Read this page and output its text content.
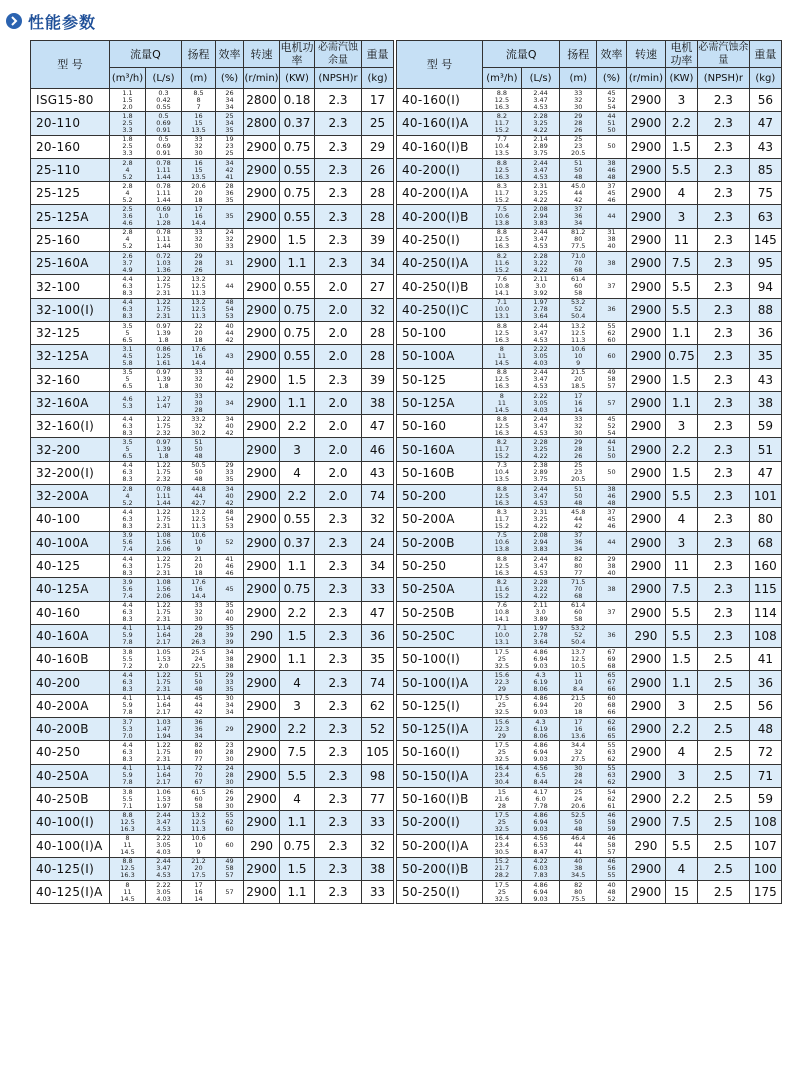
性能参数
型 号	流量Q		扬程	效率	转速	电机功率	必需汽蚀余量	重量
	(m³/h)	(L/s)	(m)	(%)	(r/min)	(KW)	(NPSH)r	(kg)
ISG15-80	1.1
1.5
2.0	0.3
0.42
0.55	8.5
8
7	26
34
34	2800	0.18	2.3	17
20-110	1.8
2.5
3.3	0.5
0.69
0.91	16
15
13.5	25
34
35	2800	0.37	2.3	25
20-160	1.8
2.5
3.3	0.5
0.69
0.91	33
32
30	19
23
25	2900	0.75	2.3	29
25-110	2.8
4
5.2	0.78
1.11
1.44	16
15
13.5	34
42
41	2900	0.55	2.3	26
25-125	2.8
4
5.2	0.78
1.11
1.44	20.6
20
18	28
36
35	2900	0.75	2.3	28
25-125A	2.5
3.6
4.6	0.69
1.0
1.28	17
16
14.4	35	2900	0.55	2.3	28
25-160	2.8
4
5.2	0.78
1.11
1.44	33
32
30	24
32
33	2900	1.5	2.3	39
25-160A	2.6
3.7
4.9	0.72
1.03
1.36	29
28
26	31	2900	1.1	2.3	34
32-100	4.4
6.3
8.3	1.22
1.75
2.31	13.2
12.5
11.3	44	2900	0.55	2.0	27
32-100(I)	4.4
6.3
8.3	1.22
1.75
2.31	13.2
12.5
11.3	48
54
53	2900	0.75	2.0	32
32-125	3.5
5
6.5	0.97
1.39
1.8	22
20
18	40
44
42	2900	0.75	2.0	28
32-125A	3.1
4.5
5.8	0.86
1.25
1.61	17.6
16
14.4	43	2900	0.55	2.0	28
32-160	3.5
5
6.5	0.97
1.39
1.8	33
32
30	40
44
42	2900	1.5	2.3	39
32-160A	4.6
5.3	1.27
1.47	33
30
28	34	2900	1.1	2.0	38
32-160(I)	4.4
6.3
8.3	1.22
1.75
2.32	33.2
32
30.2	34
40
42	2900	2.2	2.0	47
32-200	3.5
5
6.5	0.97
1.39
1.8	51
50
48		2900	3	2.0	46
32-200(I)	4.4
6.3
8.3	1.22
1.75
2.32	50.5
50
48	29
33
35	2900	4	2.0	43
32-200A	2.8
4
5.2	0.78
1.11
1.44	44.8
44
42.7	34
40
42	2900	2.2	2.0	74
40-100	4.4
6.3
8.3	1.22
1.75
2.31	13.2
12.5
11.3	48
54
53	2900	0.55	2.3	32
40-100A	3.9
5.6
7.4	1.08
1.56
2.06	10.6
10
9	52	2900	0.37	2.3	24
40-125	4.4
6.3
8.3	1.22
1.75
2.31	21
20
18	41
46
46	2900	1.1	2.3	34
40-125A	3.9
5.6
7.4	1.08
1.56
2.06	17.6
16
14.4	45	2900	0.75	2.3	33
40-160	4.4
6.3
8.3	1.22
1.75
2.31	33
32
30	35
40
40	2900	2.2	2.3	47
40-160A	4.1
5.9
7.8	1.14
1.64
2.17	29
28
26.3	35
39
39	290	1.5	2.3	36
40-160B	3.8
5.5
7.2	1.05
1.53
2.0	25.5
24
22.5	34
38
38	2900	1.1	2.3	35
40-200	4.4
6.3
8.3	1.22
1.75
2.31	51
50
48	29
33
35	2900	4	2.3	74
40-200A	4.1
5.9
7.8	1.14
1.64
2.17	45
44
42	30
34
34	2900	3	2.3	62
40-200B	3.7
5.3
7.0	1.03
1.47
1.94	36
36
34	29	2900	2.2	2.3	52
40-250	4.4
6.3
8.3	1.22
1.75
2.31	82
80
77	23
28
30	2900	7.5	2.3	105
40-250A	4.1
5.9
7.8	1.14
1.64
2.17	72
70
67	24
28
30	2900	5.5	2.3	98
40-250B	3.8
5.5
7.1	1.06
1.53
1.97	61.5
60
58	26
29
30	2900	4	2.3	77
40-100(I)	8.8
12.5
16.3	2.44
3.47
4.53	13.2
12.5
11.3	55
62
60	2900	1.1	2.3	33
40-100(I)A	8
11
14.5	2.22
3.05
4.03	10.6
10
9	60	290	0.75	2.3	32
40-125(I)	8.8
12.5
16.3	2.44
3.47
4.53	21.2
20
17.5	49
58
57	2900	1.5	2.3	38
40-125(I)A	8
11
14.5	2.22
3.05
4.03	17
16
14	57	2900	1.1	2.3	33
型 号	流量Q		扬程	效率	转速	电机功率	必需汽蚀余量	重量
	(m³/h)	(L/s)	(m)	(%)	(r/min)	(KW)	(NPSH)r	(kg)
40-160(I)	8.8
12.5
16.3	2.44
3.47
4.53	33
32
30	45
52
54	2900	3	2.3	56
40-160(I)A	8.2
11.7
15.2	2.28
3.25
4.22	29
28
26	44
51
50	2900	2.2	2.3	47
40-160(I)B	7.7
10.4
13.5	2.14
2.89
3.75	25
23
20.5	50	2900	1.5	2.3	43
40-200(I)	8.8
12.5
16.3	2.44
3.47
4.53	51
50
48	38
46
48	2900	5.5	2.3	85
40-200(I)A	8.3
11.7
15.2	2.31
3.25
4.22	45.0
44
42	37
45
46	2900	4	2.3	75
40-200(I)B	7.5
10.6
13.8	2.08
2.94
3.83	37
36
34	44	2900	3	2.3	63
40-250(I)	8.8
12.5
16.3	2.44
3.47
4.53	81.2
80
77.5	31
38
40	2900	11	2.3	145
40-250(I)A	8.2
11.6
15.2	2.28
3.22
4.22	71.0
70
68	38	2900	7.5	2.3	95
40-250(I)B	7.6
10.8
14.1	2.11
3.0
3.92	61.4
60
58	37	2900	5.5	2.3	94
40-250(I)C	7.1
10.0
13.1	1.97
2.78
3.64	53.2
52
50.4	36	2900	5.5	2.3	88
50-100	8.8
12.5
16.3	2.44
3.47
4.53	13.2
12.5
11.3	55
62
60	2900	1.1	2.3	36
50-100A	8
11
14.5	2.22
3.05
4.03	10.6
10
9	60	2900	0.75	2.3	35
50-125	8.8
12.5
16.3	2.44
3.47
4.53	21.5
20
18.5	49
58
57	2900	1.5	2.3	43
50-125A	8
11
14.5	2.22
3.05
4.03	17
16
14	57	2900	1.1	2.3	38
50-160	8.8
12.5
16.3	2.44
3.47
4.53	33
32
30	45
52
54	2900	3	2.3	59
50-160A	8.2
11.7
15.2	2.28
3.25
4.22	29
28
26	44
51
50	2900	2.2	2.3	51
50-160B	7.3
10.4
13.5	2.38
2.89
3.75	25
23
20.5	50	2900	1.5	2.3	47
50-200	8.8
12.5
16.3	2.44
3.47
4.53	51
50
48	38
46
48	2900	5.5	2.3	101
50-200A	8.3
11.7
15.2	2.31
3.25
4.22	45.8
44
42	37
45
46	2900	4	2.3	80
50-200B	7.5
10.6
13.8	2.08
2.94
3.83	37
36
34	44	2900	3	2.3	68
50-250	8.8
12.5
16.3	2.44
3.47
4.53	82
80
77	29
38
40	2900	11	2.3	160
50-250A	8.2
11.6
15.2	2.28
3.22
4.22	71.5
70
68	38	2900	7.5	2.3	115
50-250B	7.6
10.8
14.1	2.11
3.0
3.89	61.4
60
58	37	2900	5.5	2.3	114
50-250C	7.1
10.0
13.1	1.97
2.78
3.64	53.2
52
50.4	36	290	5.5	2.3	108
50-100(I)	17.5
25
32.5	4.86
6.94
9.03	13.7
12.5
10.5	67
69
68	2900	1.5	2.5	41
50-100(I)A	15.6
22.3
29	4.3
6.19
8.06	11
10
8.4	65
67
66	2900	1.1	2.5	36
50-125(I)	17.5
25
32.5	4.86
6.94
9.03	21.5
20
18	60
68
66	2900	3	2.5	56
50-125(I)A	15.6
22.3
29	4.3
6.19
8.06	17
16
13.6	62
66
65	2900	2.2	2.5	48
50-160(I)	17.5
25
32.5	4.86
6.94
9.03	34.4
32
27.5	55
63
62	2900	4	2.5	72
50-150(I)A	16.4
23.4
30.4	4.56
6.5
8.44	30
28
24	55
63
62	2900	3	2.5	71
50-160(I)B	15
21.6
28	4.17
6.0
7.78	25
24
20.6	54
62
61	2900	2.2	2.5	59
50-200(I)	17.5
25
32.5	4.86
6.94
9.03	52.5
50
48	46
58
59	2900	7.5	2.5	108
50-200(I)A	16.4
23.4
30.5	4.56
6.53
8.47	46.4
44
41	46
58
57	290	5.5	2.5	107
50-200(I)B	15.2
21.7
28.2	4.22
6.03
7.83	40
38
34.5	46
56
55	2900	4	2.5	100
50-250(I)	17.5
25
32.5	4.86
6.94
9.03	82
80
75.5	40
48
52	2900	15	2.5	175
